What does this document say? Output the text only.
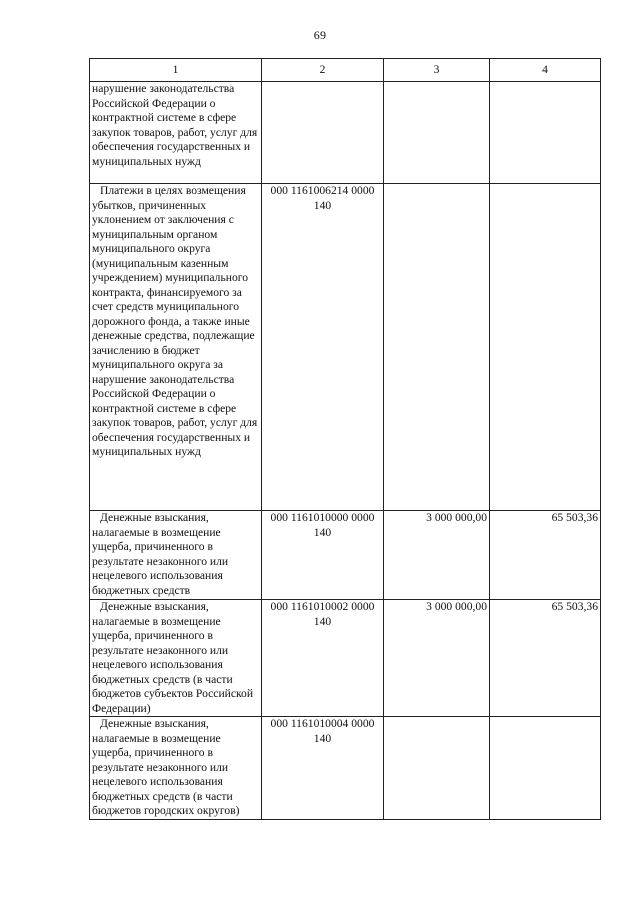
69
1	2	3	4

нарушение законодательства Российской Федерации о контрактной системе в сфере закупок товаров, работ, услуг для обеспечения государственных и муниципальных нужд			

Платежи в целях возмещения убытков, причиненных уклонением от заключения с муниципальным органом муниципального округа (муниципальным казенным учреждением) муниципального контракта, финансируемого за счет средств муниципального дорожного фонда, а также иные денежные средства, подлежащие зачислению в бюджет муниципального округа за нарушение законодательства Российской Федерации о контрактной системе в сфере закупок товаров, работ, услуг для обеспечения государственных и муниципальных нужд	000 1161006214 0000
140		

Денежные взыскания, налагаемые в возмещение ущерба, причиненного в результате незаконного или нецелевого использования бюджетных средств	000 1161010000 0000
140	3 000 000,00	65 503,36

Денежные взыскания, налагаемые в возмещение ущерба, причиненного в результате незаконного или нецелевого использования бюджетных средств (в части бюджетов субъектов Российской Федерации)	000 1161010002 0000
140	3 000 000,00	65 503,36

Денежные взыскания, налагаемые в возмещение ущерба, причиненного в результате незаконного или нецелевого использования бюджетных средств (в части бюджетов городских округов)	000 1161010004 0000
140		
